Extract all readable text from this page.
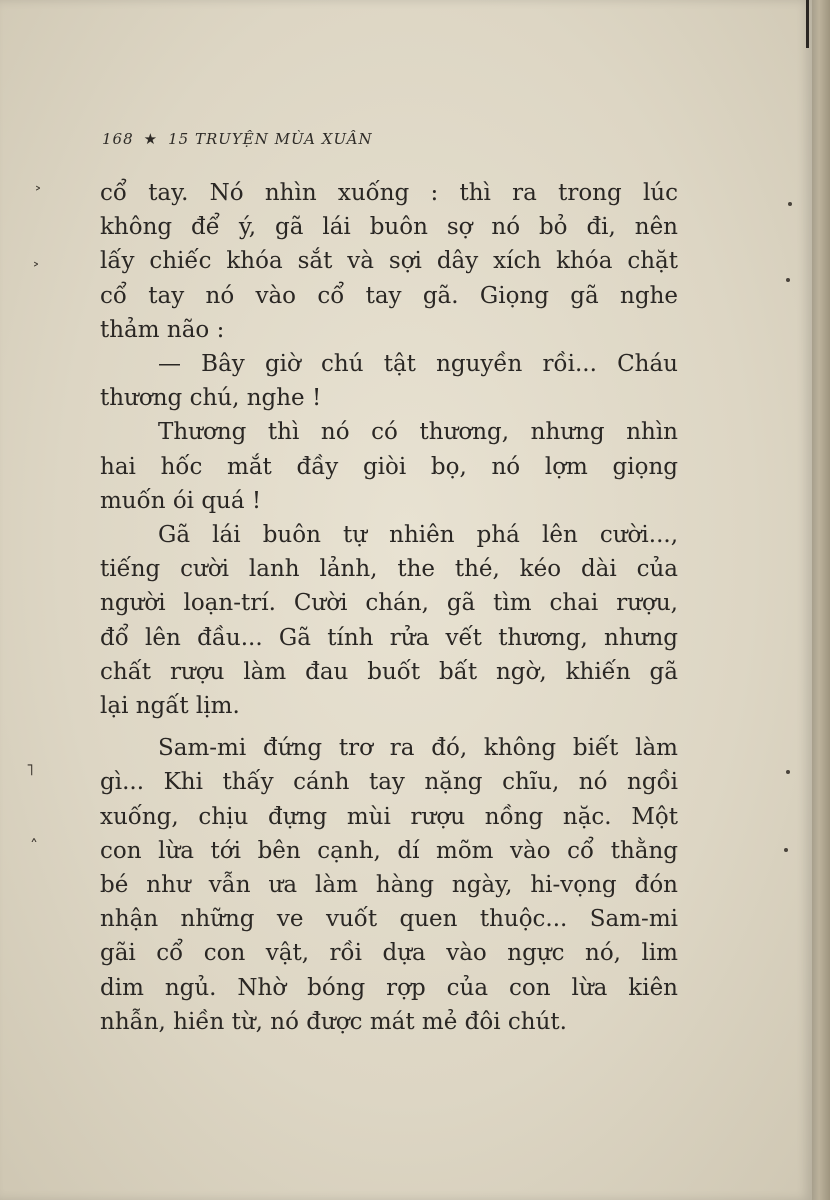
168 ★ 15 TRUYỆN MÙA XUÂN
cổ tay. Nó nhìn xuống : thì ra trong lúc
không để ý, gã lái buôn sợ nó bỏ đi, nên
lấy chiếc khóa sắt và sợi dây xích khóa chặt
cổ tay nó vào cổ tay gã. Giọng gã nghe
thảm não :
— Bây giờ chú tật nguyền rồi... Cháu
thương chú, nghe !
Thương thì nó có thương, nhưng nhìn
hai hốc mắt đầy giòi bọ, nó lợm giọng
muốn ói quá !
Gã lái buôn tự nhiên phá lên cười...,
tiếng cười lanh lảnh, the thé, kéo dài của
người loạn-trí. Cười chán, gã tìm chai rượu,
đổ lên đầu... Gã tính rửa vết thương, nhưng
chất rượu làm đau buốt bất ngờ, khiến gã
lại ngất lịm.
Sam-mi đứng trơ ra đó, không biết làm
gì... Khi thấy cánh tay nặng chĩu, nó ngồi
xuống, chịu đựng mùi rượu nồng nặc. Một
con lừa tới bên cạnh, dí mõm vào cổ thằng
bé như vẫn ưa làm hàng ngày, hi-vọng đón
nhận những ve vuốt quen thuộc... Sam-mi
gãi cổ con vật, rồi dựa vào ngực nó, lim
dim ngủ. Nhờ bóng rợp của con lừa kiên
nhẫn, hiền từ, nó được mát mẻ đôi chút.
˃
˃
˥
˄
